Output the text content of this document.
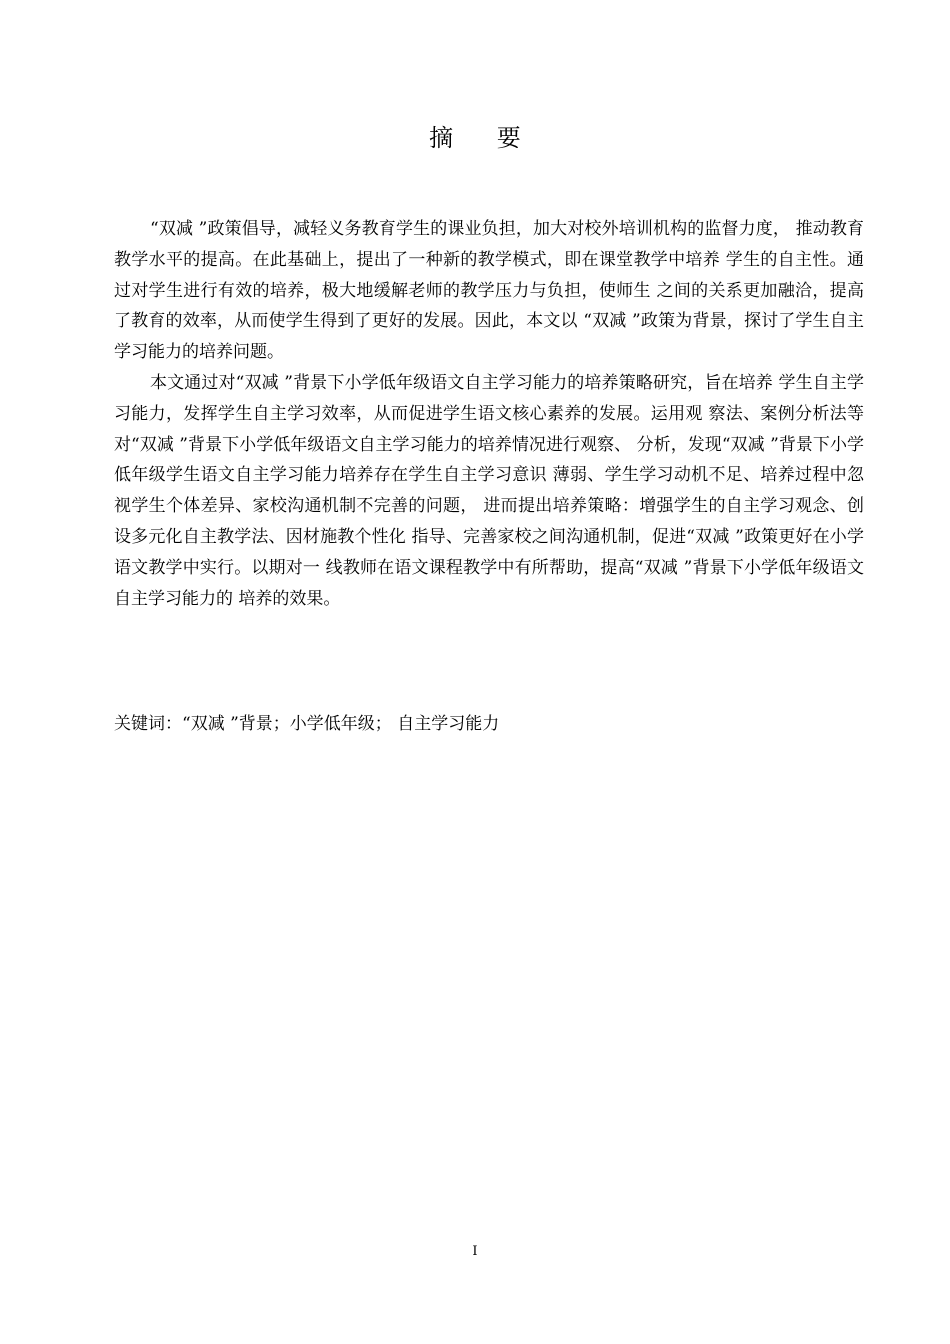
摘 要

“双减 ”政策倡导，减轻义务教育学生的课业负担，加大对校外培训机构的监督力度， 推动教育教学水平的提高。在此基础上，提出了一种新的教学模式，即在课堂教学中培养 学生的自主性。通过对学生进行有效的培养，极大地缓解老师的教学压力与负担，使师生 之间的关系更加融洽，提高了教育的效率，从而使学生得到了更好的发展。因此，本文以 “双减 ”政策为背景，探讨了学生自主学习能力的培养问题。

本文通过对“双减 ”背景下小学低年级语文自主学习能力的培养策略研究，旨在培养 学生自主学习能力，发挥学生自主学习效率，从而促进学生语文核心素养的发展。运用观 察法、案例分析法等对“双减 ”背景下小学低年级语文自主学习能力的培养情况进行观察、 分析，发现“双减 ”背景下小学低年级学生语文自主学习能力培养存在学生自主学习意识 薄弱、学生学习动机不足、培养过程中忽视学生个体差异、家校沟通机制不完善的问题， 进而提出培养策略：增强学生的自主学习观念、创设多元化自主教学法、因材施教个性化 指导、完善家校之间沟通机制，促进“双减 ”政策更好在小学语文教学中实行。以期对一 线教师在语文课程教学中有所帮助，提高“双减 ”背景下小学低年级语文自主学习能力的 培养的效果。

关键词：“双减 ”背景；小学低年级； 自主学习能力
I
